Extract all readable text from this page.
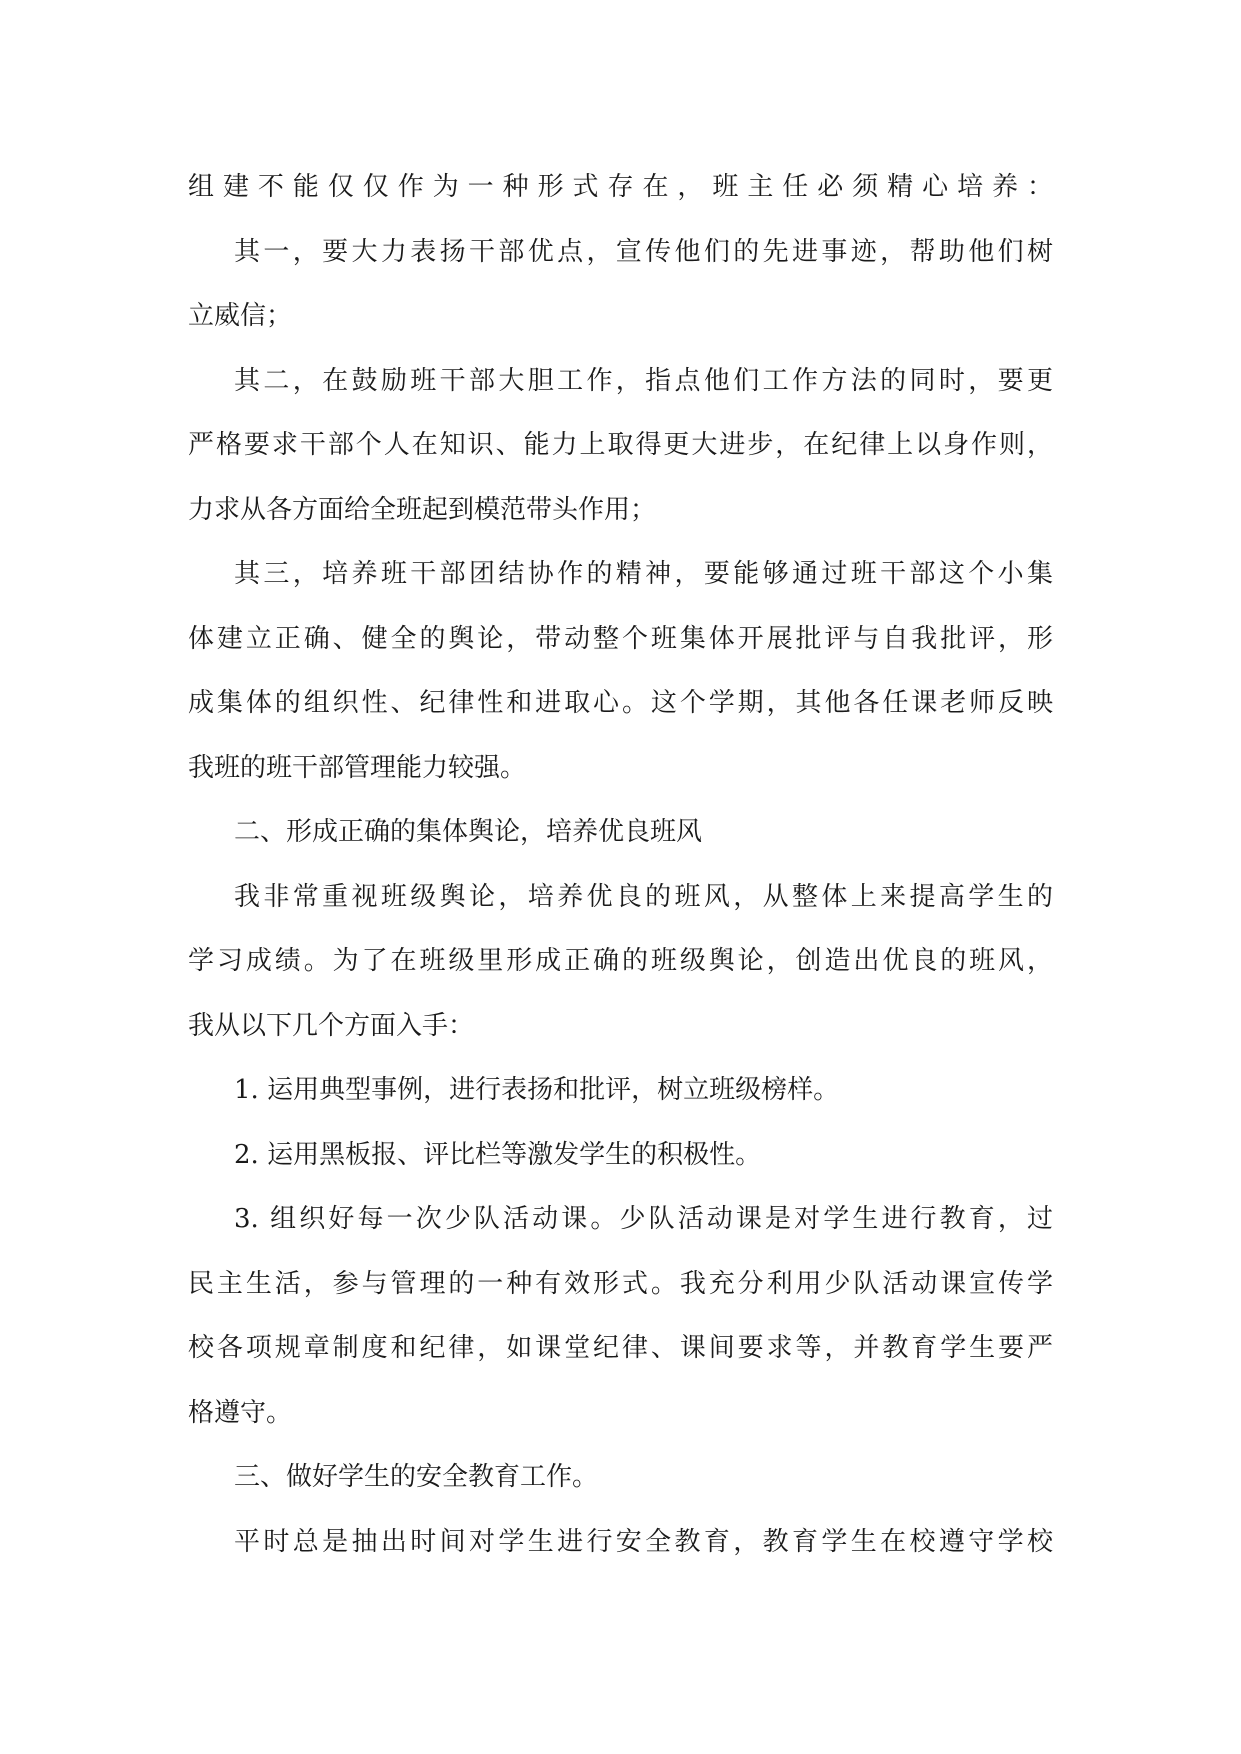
组建不能仅仅作为一种形式存在，班主任必须精心培养：
其一，要大力表扬干部优点，宣传他们的先进事迹，帮助他们树
立威信；
其二，在鼓励班干部大胆工作，指点他们工作方法的同时，要更
严格要求干部个人在知识、能力上取得更大进步，在纪律上以身作则，
力求从各方面给全班起到模范带头作用；
其三，培养班干部团结协作的精神，要能够通过班干部这个小集
体建立正确、健全的舆论，带动整个班集体开展批评与自我批评，形
成集体的组织性、纪律性和进取心。这个学期，其他各任课老师反映
我班的班干部管理能力较强。
二、形成正确的集体舆论，培养优良班风
我非常重视班级舆论，培养优良的班风，从整体上来提高学生的
学习成绩。为了在班级里形成正确的班级舆论，创造出优良的班风，
我从以下几个方面入手：
1. 运用典型事例，进行表扬和批评，树立班级榜样。
2. 运用黑板报、评比栏等激发学生的积极性。
3. 组织好每一次少队活动课。少队活动课是对学生进行教育，过
民主生活，参与管理的一种有效形式。我充分利用少队活动课宣传学
校各项规章制度和纪律，如课堂纪律、课间要求等，并教育学生要严
格遵守。
三、做好学生的安全教育工作。
平时总是抽出时间对学生进行安全教育，教育学生在校遵守学校
